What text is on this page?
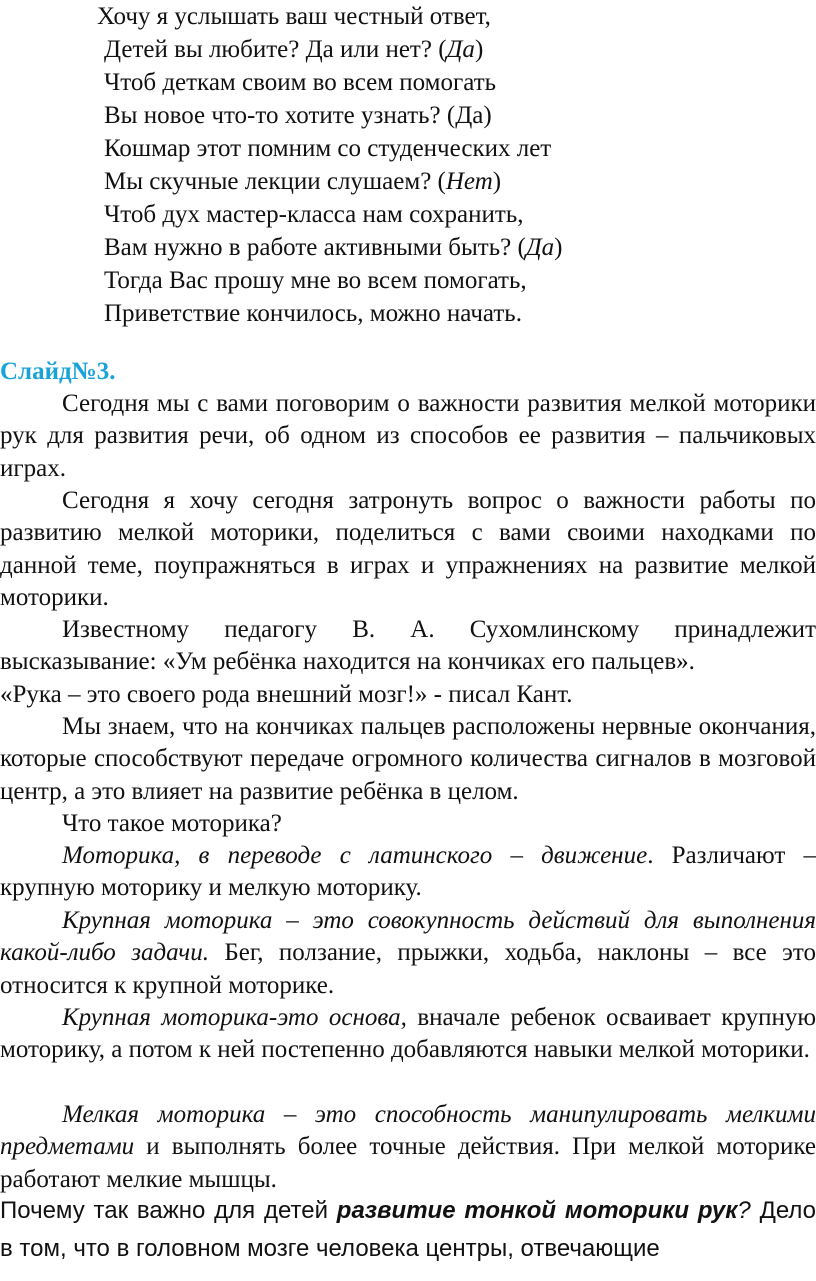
Хочу я услышать ваш честный ответ,
Детей вы любите? Да или нет? (Да)
Чтоб деткам своим во всем помогать
Вы новое что-то хотите узнать? (Да)
Кошмар этот помним со студенческих лет
Мы скучные лекции слушаем? (Нет)
Чтоб дух мастер-класса нам сохранить,
Вам нужно в работе активными быть? (Да)
Тогда Вас прошу мне во всем помогать,
Приветствие кончилось, можно начать.
Слайд№3.
Сегодня мы с вами поговорим о важности развития мелкой моторики рук для развития речи, об одном из способов ее развития – пальчиковых играх.
Сегодня я хочу сегодня затронуть вопрос о важности работы по развитию мелкой моторики, поделиться с вами своими находками по данной теме, поупражняться в играх и упражнениях на развитие мелкой моторики.
Известному педагогу В. А. Сухомлинскому принадлежит высказывание: «Ум ребёнка находится на кончиках его пальцев».
«Рука – это своего рода внешний мозг!» - писал Кант.
Мы знаем, что на кончиках пальцев расположены нервные окончания, которые способствуют передаче огромного количества сигналов в мозговой центр, а это влияет на развитие ребёнка в целом.
Что такое моторика?
Моторика, в переводе с латинского – движение. Различают – крупную моторику и мелкую моторику.
Крупная моторика – это совокупность действий для выполнения какой-либо задачи. Бег, ползание, прыжки, ходьба, наклоны – все это относится к крупной моторике.
Крупная моторика-это основа, вначале ребенок осваивает крупную моторику, а потом к ней постепенно добавляются навыки мелкой моторики.
Мелкая моторика – это способность манипулировать мелкими предметами и выполнять более точные действия. При мелкой моторике работают мелкие мышцы.
Почему так важно для детей развитие тонкой моторики рук? Дело в том, что в головном мозге человека центры, отвечающие
